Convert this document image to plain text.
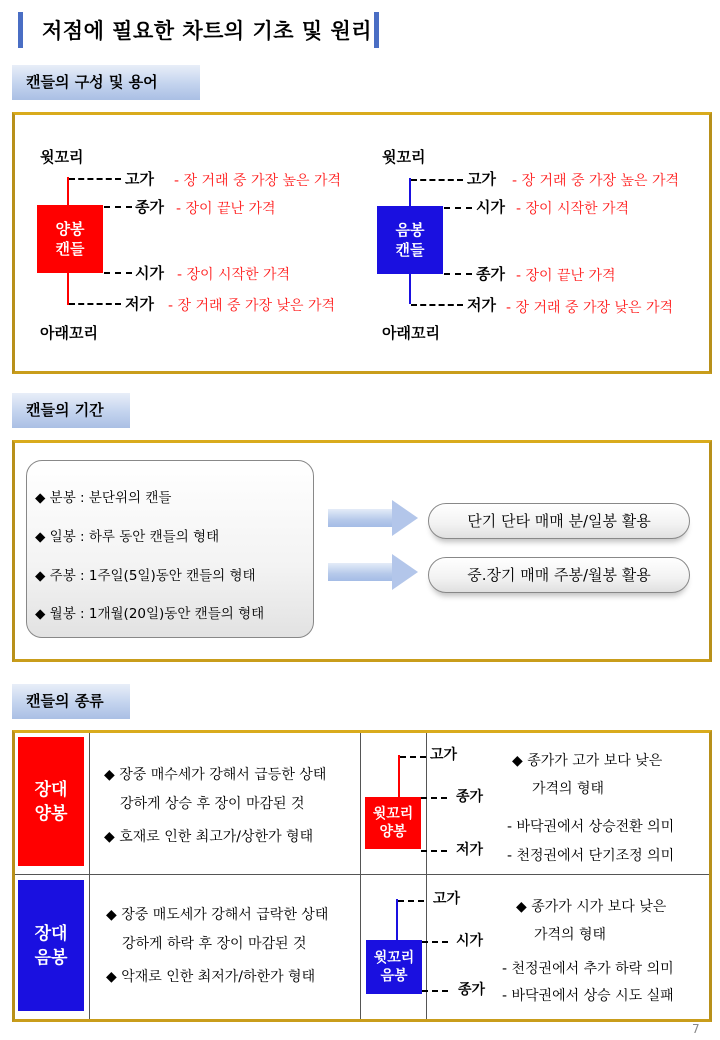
저점에 필요한 차트의 기초 및 원리
캔들의 구성 및 용어
윗꼬리
양봉
캔들
아래꼬리
고가 - 장 거래 중 가장 높은 가격
종가 - 장이 끝난 가격
시가 - 장이 시작한 가격
저가 - 장 거래 중 가장 낮은 가격
윗꼬리
음봉
캔들
아래꼬리
고가 - 장 거래 중 가장 높은 가격
시가 - 장이 시작한 가격
종가 - 장이 끝난 가격
저가 - 장 거래 중 가장 낮은 가격
캔들의 기간
◆ 분봉 : 분단위의 캔들
◆ 일봉 : 하루 동안 캔들의 형태
◆ 주봉 : 1주일(5일)동안 캔들의 형태
◆ 월봉 : 1개월(20일)동안 캔들의 형태
단기 단타 매매 분/일봉 활용
중.장기 매매 주봉/월봉 활용
캔들의 종류
장대
양봉
◆ 장중 매수세가 강해서 급등한 상태
강하게 상승 후 장이 마감된 것
◆ 호재로 인한 최고가/상한가 형태
윗꼬리
양봉
고가
종가
저가
◆ 종가가 고가 보다 낮은
가격의 형태
- 바닥권에서 상승전환 의미
- 천정권에서 단기조정 의미
장대
음봉
◆ 장중 매도세가 강해서 급락한 상태
강하게 하락 후 장이 마감된 것
◆ 악재로 인한 최저가/하한가 형태
윗꼬리
음봉
고가
시가
종가
◆ 종가가 시가 보다 낮은
가격의 형태
- 천정권에서 추가 하락 의미
- 바닥권에서 상승 시도 실패
7
